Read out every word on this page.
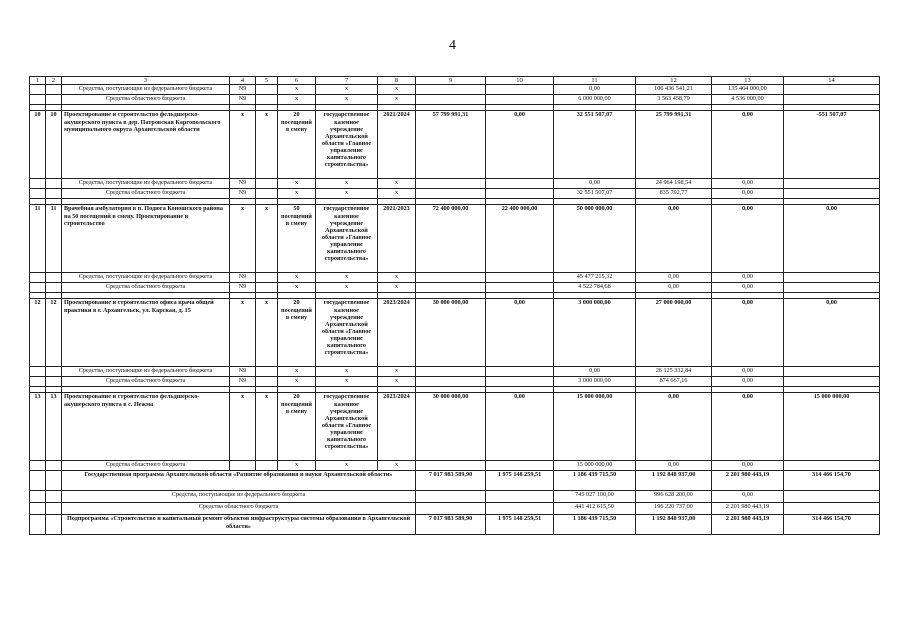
4
1	2	3	4	5	6	7	8	9	10	11	12	13	14
		Средства, поступающие из федерального бюджета	N9		х	х	х			0,00	106 436 541,21	135 464 000,00	
		Средства областного бюджета	N9		х	х	х			6 000 000,00	3 563 458,79	4 536 000,00	

10	10	Проектирование и строительство фельдшерско-акушерского пункта в дер. Патровская Каргопольского муниципального округа Архангельской области	х	х	20 посещений в смену	государственное казенное учреждение Архангельской области «Главное управление капитального строительства»	2021/2024	57 799 991,31	0,00	32 551 507,07	25 799 991,31	0,00	-551 507,07
		Средства, поступающие из федерального бюджета	N9		х	х	х			0,00	24 964 198,54	0,00	
		Средства областного бюджета	N9		х	х	х			32 551 507,07	835 792,77	0,00	

11	11	Врачебная амбулатория в п. Подюга Коношского района на 50 посещений в смену. Проектирование и строительство	х	х	50 посещений в смену	государственное казенное учреждение Архангельской области «Главное управление капитального строительства»	2021/2023	72 400 000,00	22 400 000,00	50 000 000,00	0,00	0,00	0,00
		Средства, поступающие из федерального бюджета	N9		х	х	х			45 477 215,32	0,00	0,00	
		Средства областного бюджета	N9		х	х	х			4 522 784,68	0,00	0,00	

12	12	Проектирование и строительство офиса врача общей практики в г. Архангельск, ул. Карская, д. 15	х	х	20 посещений в смену	государственное казенное учреждение Архангельской области «Главное управление капитального строительства»	2023/2024	30 000 000,00	0,00	3 000 000,00	27 000 000,00	0,00	0,00
		Средства, поступающие из федерального бюджета	N9		х	х	х			0,00	26 125 332,84	0,00	
		Средства областного бюджета	N9		х	х	х			3 000 000,00	874 667,16	0,00	

13	13	Проектирование и строительство фельдшерско-акушерского пункта в с. Нежма	х	х	20 посещений в смену	государственное казенное учреждение Архангельской области «Главное управление капитального строительства»	2023/2024	30 000 000,00	0,00	15 000 000,00	0,00	0,00	15 000 000,00
		Средства областного бюджета			х	х	х			15 000 000,00	0,00	0,00	
		Государственная программа Архангельской области «Развитие образования и науки Архангельской области»						7 017 983 589,90	1 975 148 259,51	1 186 439 715,50	1 192 848 937,00	2 201 980 443,19	314 466 154,70
		Средства, поступающие из федерального бюджета								745 027 100,00	996 628 200,00	0,00	
		Средства областного бюджета								441 412 615,50	196 220 737,00	2 201 980 443,19	
		Подпрограмма «Строительство и капитальный ремонт объектов инфраструктуры системы образования в Архангельской области»						7 017 983 589,90	1 975 148 259,51	1 186 439 715,50	1 192 848 937,00	2 201 980 443,19	314 466 154,70
